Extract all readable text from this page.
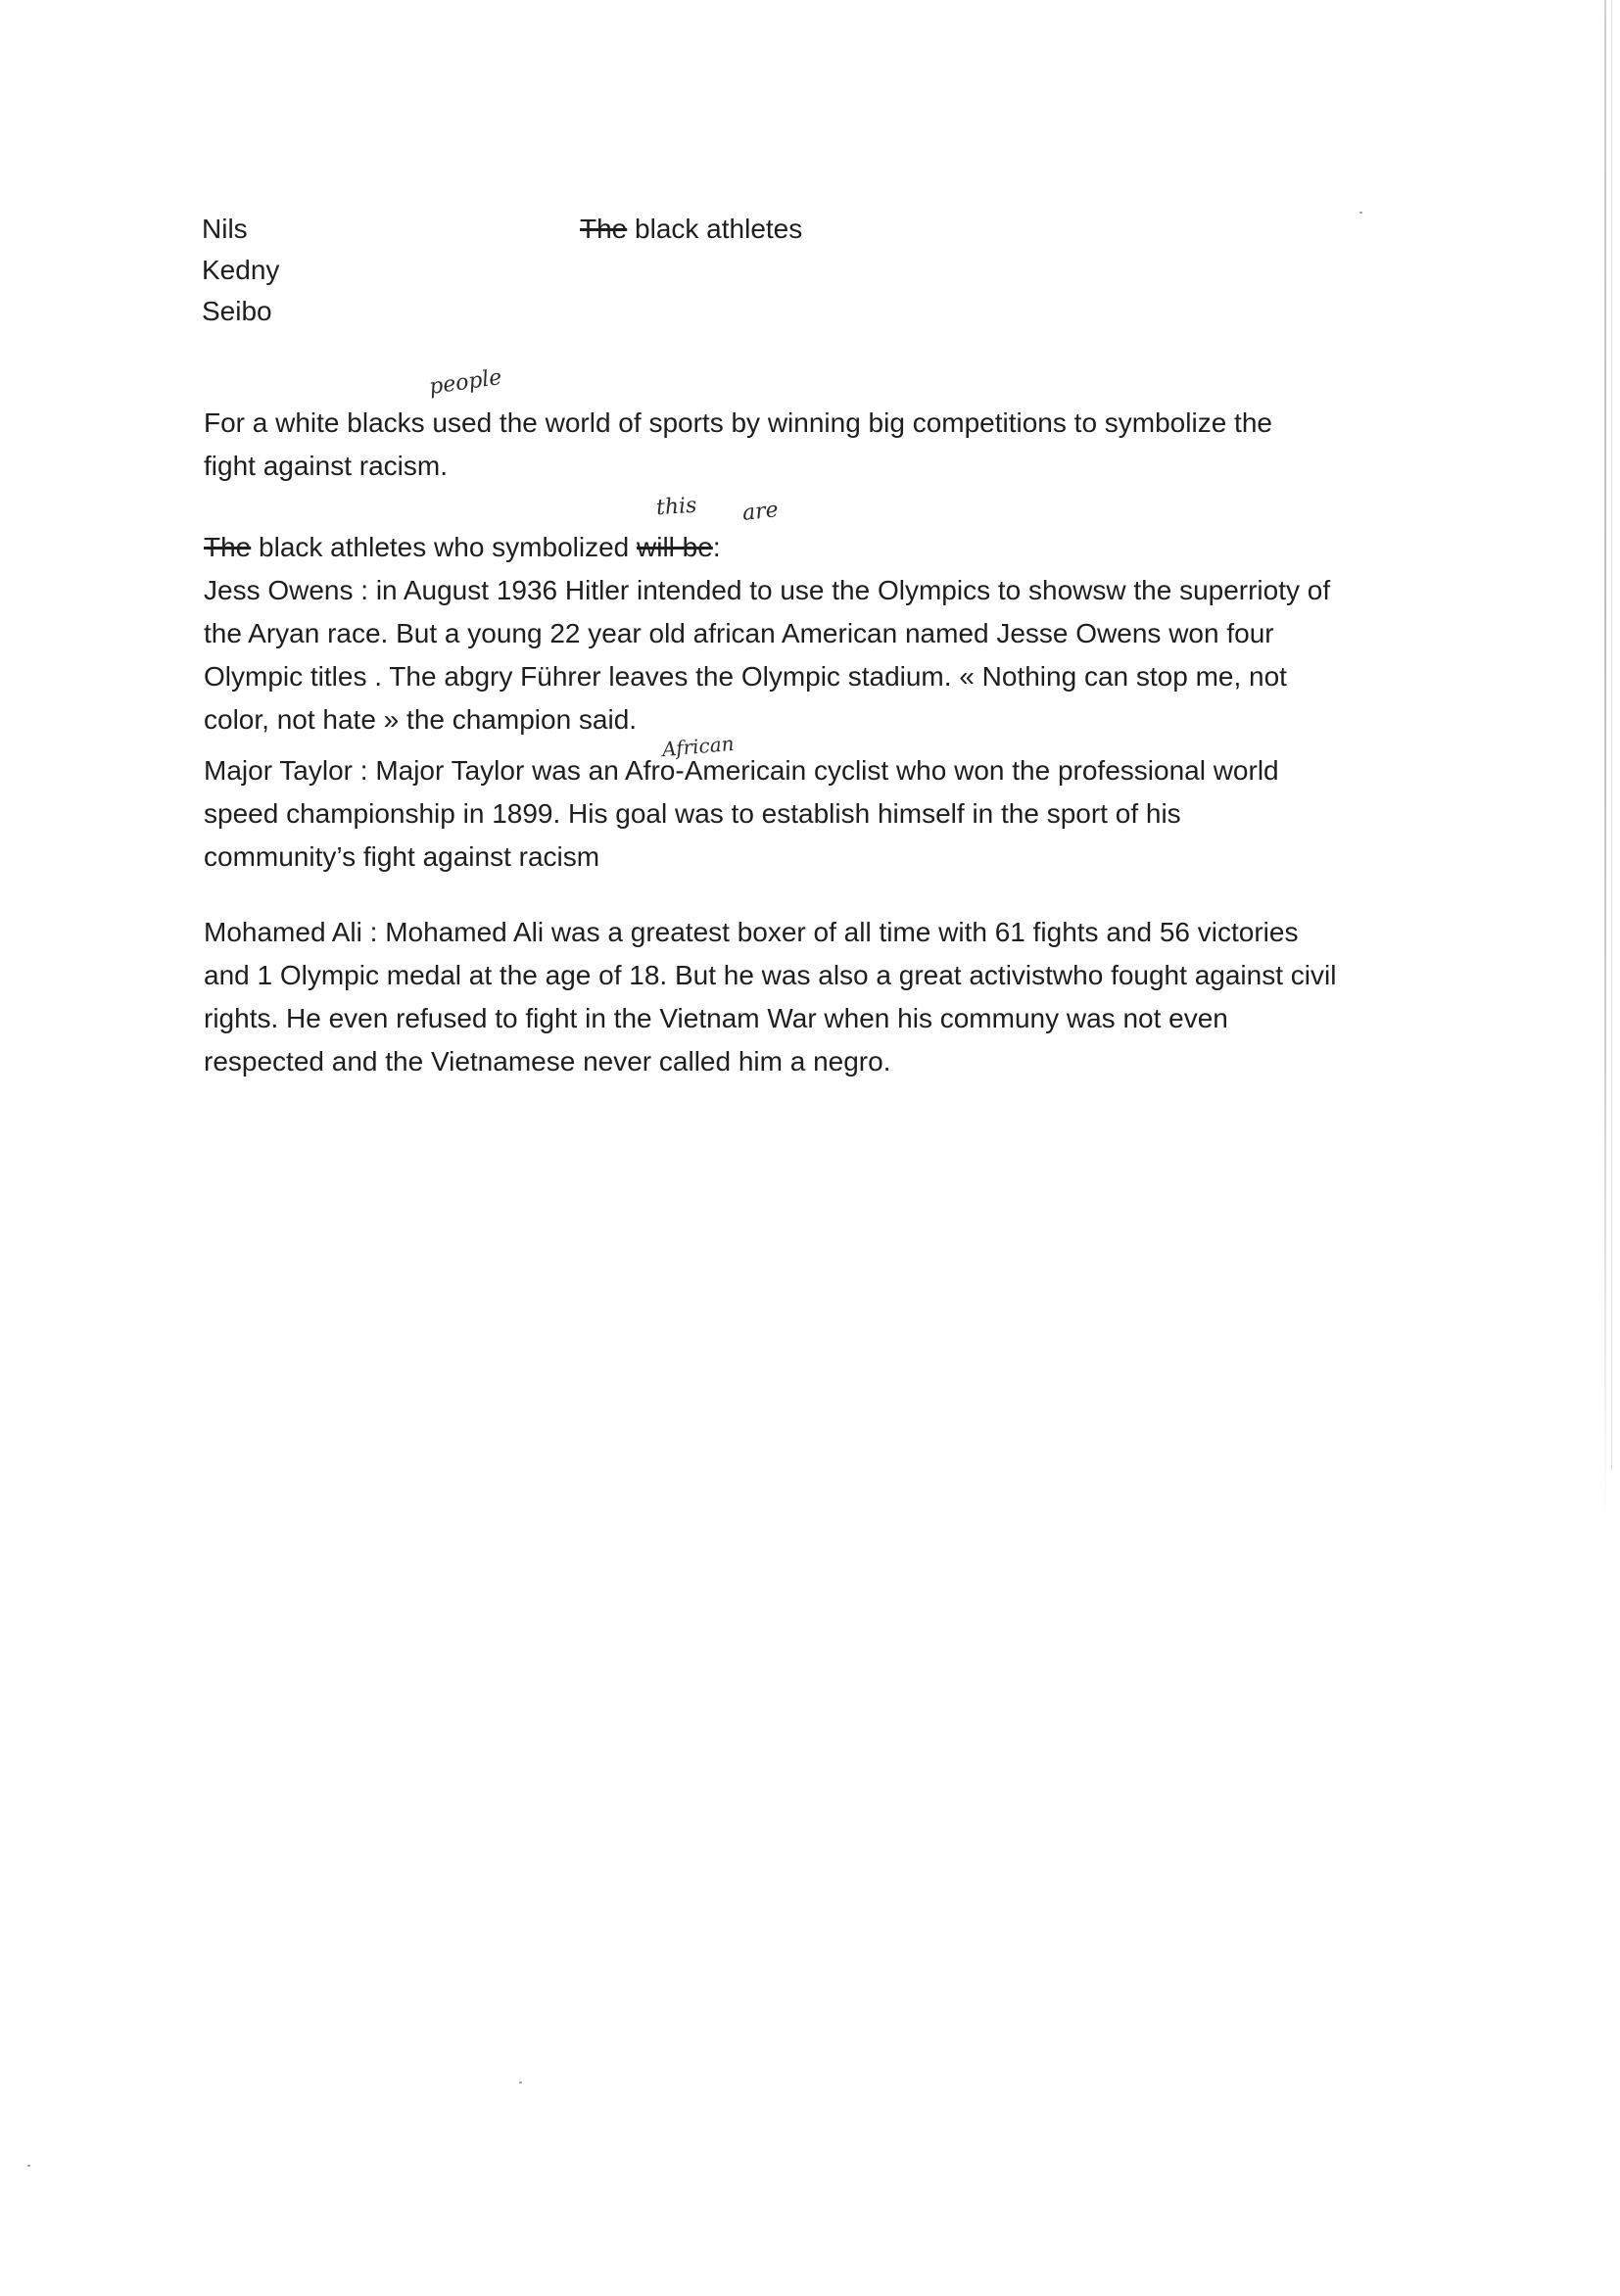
Nils
Kedny
Seibo
The black athletes
people
this are
African
For a white blacks used the world of sports by winning big competitions to symbolize the
fight against racism.
The black athletes who symbolized will be:
Jess Owens : in August 1936 Hitler intended to use the Olympics to showsw the superrioty of
the Aryan race. But a young 22 year old african American named Jesse Owens won four
Olympic titles . The abgry Führer leaves the Olympic stadium. « Nothing can stop me, not
color, not hate » the champion said.
Major Taylor : Major Taylor was an Afro-Americain cyclist who won the professional world
speed championship in 1899. His goal was to establish himself in the sport of his
community’s fight against racism
Mohamed Ali : Mohamed Ali was a greatest boxer of all time with 61 fights and 56 victories
and 1 Olympic medal at the age of 18. But he was also a great activistwho fought against civil
rights. He even refused to fight in the Vietnam War when his communy was not even
respected and the Vietnamese never called him a negro.
